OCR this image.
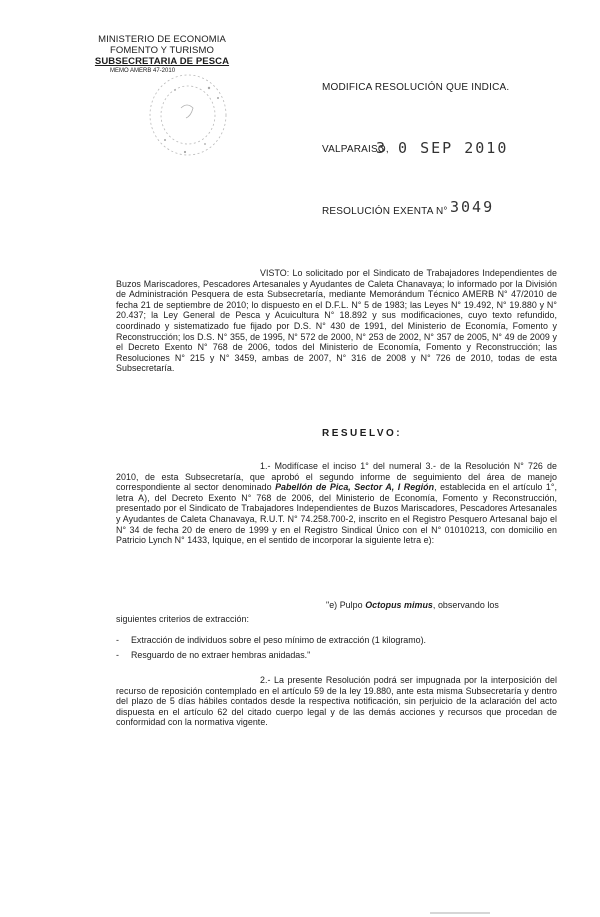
MINISTERIO DE ECONOMIA
FOMENTO Y TURISMO
SUBSECRETARIA DE PESCA
MEMO AMERB 47-2010
MODIFICA RESOLUCIÓN QUE INDICA.
VALPARAISO,
3 0 SEP 2010
RESOLUCIÓN EXENTA N° 3049
VISTO: Lo solicitado por el Sindicato de Trabajadores Independientes de Buzos Mariscadores, Pescadores Artesanales y Ayudantes de Caleta Chanavaya; lo informado por la División de Administración Pesquera de esta Subsecretaría, mediante Memorándum Técnico AMERB N° 47/2010 de fecha 21 de septiembre de 2010; lo dispuesto en el D.F.L. N° 5 de 1983; las Leyes N° 19.492, N° 19.880 y N° 20.437; la Ley General de Pesca y Acuicultura N° 18.892 y sus modificaciones, cuyo texto refundido, coordinado y sistematizado fue fijado por D.S. N° 430 de 1991, del Ministerio de Economía, Fomento y Reconstrucción; los D.S. N° 355, de 1995, N° 572 de 2000, N° 253 de 2002, N° 357 de 2005, N° 49 de 2009 y el Decreto Exento N° 768 de 2006, todos del Ministerio de Economía, Fomento y Reconstrucción; las Resoluciones N° 215 y N° 3459, ambas de 2007, N° 316 de 2008 y N° 726 de 2010, todas de esta Subsecretaría.
RESUELVO:
1.- Modifícase el inciso 1° del numeral 3.- de la Resolución N° 726 de 2010, de esta Subsecretaría, que aprobó el segundo informe de seguimiento del área de manejo correspondiente al sector denominado Pabellón de Pica, Sector A, I Región, establecida en el artículo 1°, letra A), del Decreto Exento N° 768 de 2006, del Ministerio de Economía, Fomento y Reconstrucción, presentado por el Sindicato de Trabajadores Independientes de Buzos Mariscadores, Pescadores Artesanales y Ayudantes de Caleta Chanavaya, R.U.T. N° 74.258.700-2, inscrito en el Registro Pesquero Artesanal bajo el N° 34 de fecha 20 de enero de 1999 y en el Registro Sindical Único con el N° 01010213, con domicilio en Patricio Lynch N° 1433, Iquique, en el sentido de incorporar la siguiente letra e):
"e) Pulpo Octopus mimus, observando los
siguientes criterios de extracción:
- Extracción de individuos sobre el peso mínimo de extracción (1 kilogramo).
- Resguardo de no extraer hembras anidadas."
2.- La presente Resolución podrá ser impugnada por la interposición del recurso de reposición contemplado en el artículo 59 de la ley 19.880, ante esta misma Subsecretaría y dentro del plazo de 5 días hábiles contados desde la respectiva notificación, sin perjuicio de la aclaración del acto dispuesta en el artículo 62 del citado cuerpo legal y de las demás acciones y recursos que procedan de conformidad con la normativa vigente.
